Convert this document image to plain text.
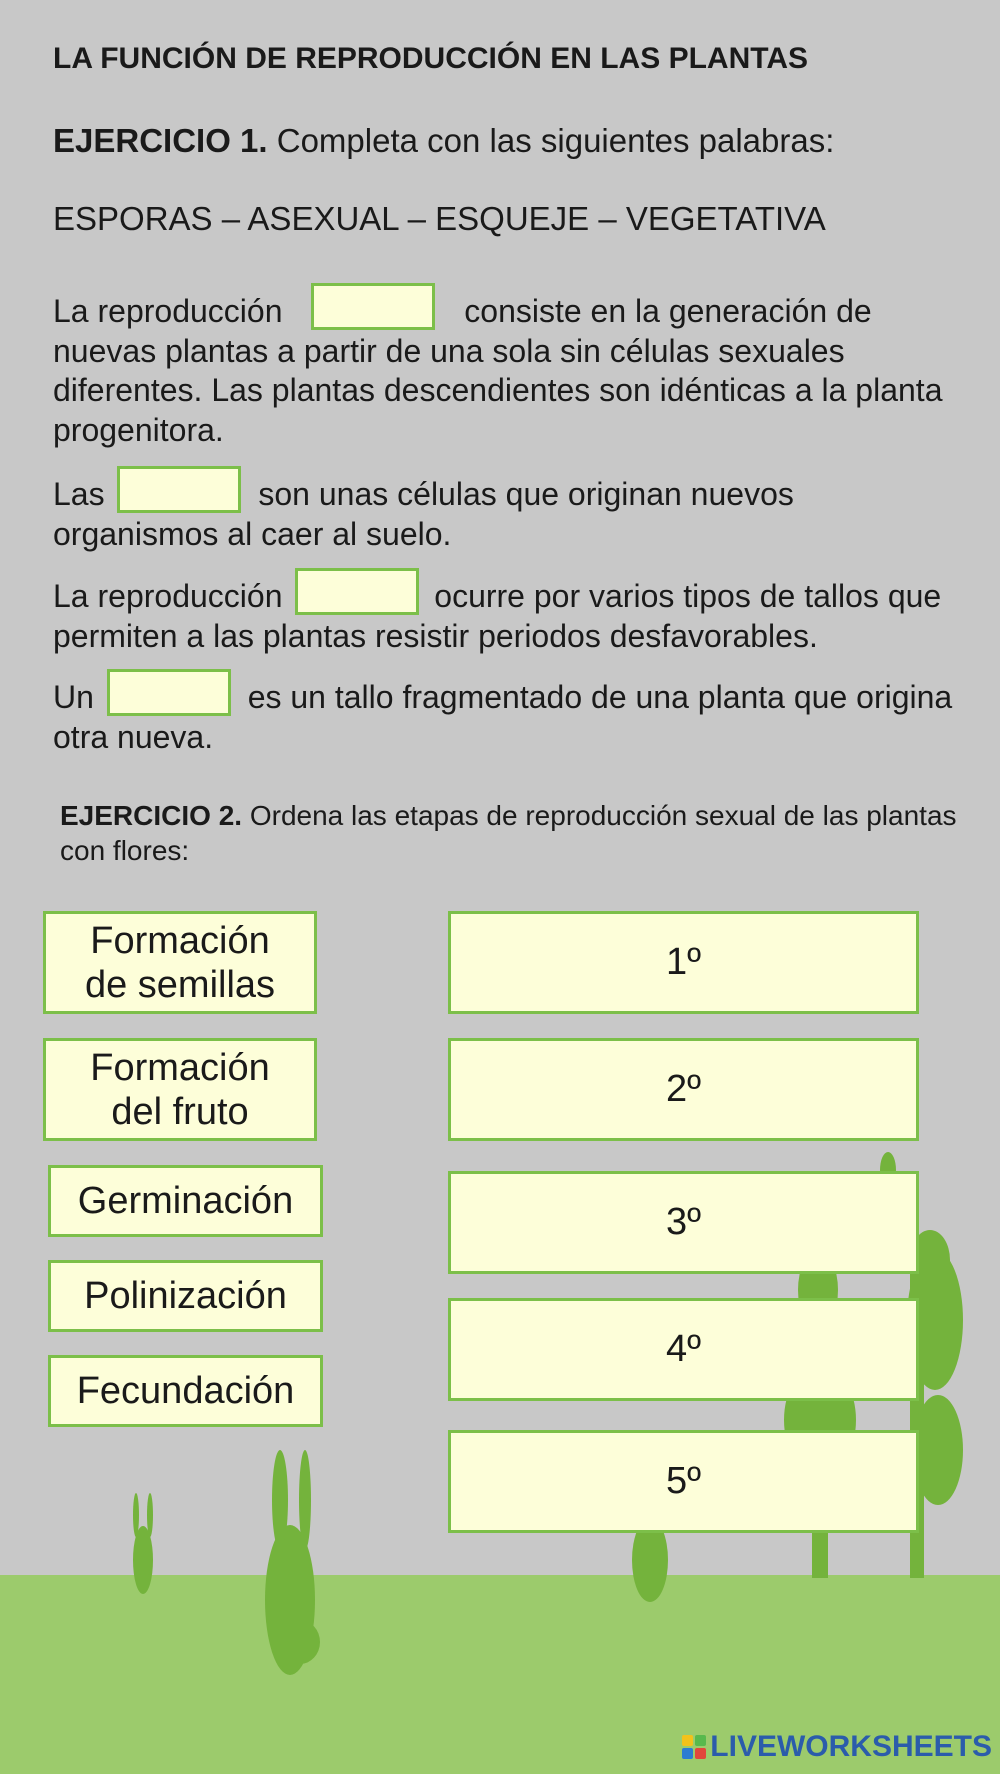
LA FUNCIÓN DE REPRODUCCIÓN EN LAS PLANTAS
EJERCICIO 1. Completa con las siguientes palabras:
ESPORAS – ASEXUAL – ESQUEJE – VEGETATIVA
La reproducción	consiste en la generación de nuevas plantas a partir de una sola sin células sexuales diferentes. Las plantas descendientes son idénticas a la planta progenitora.
Las	son unas células que originan nuevos organismos al caer al suelo.
La reproducción	ocurre por varios tipos de tallos que permiten a las plantas resistir periodos desfavorables.
Un	es un tallo fragmentado de una planta que origina otra nueva.
EJERCICIO 2. Ordena las etapas de reproducción sexual de las plantas con flores:
Formación
de semillas
Formación
del fruto
Germinación
Polinización
Fecundación
1º
2º
3º
4º
5º
LIVEWORKSHEETS
